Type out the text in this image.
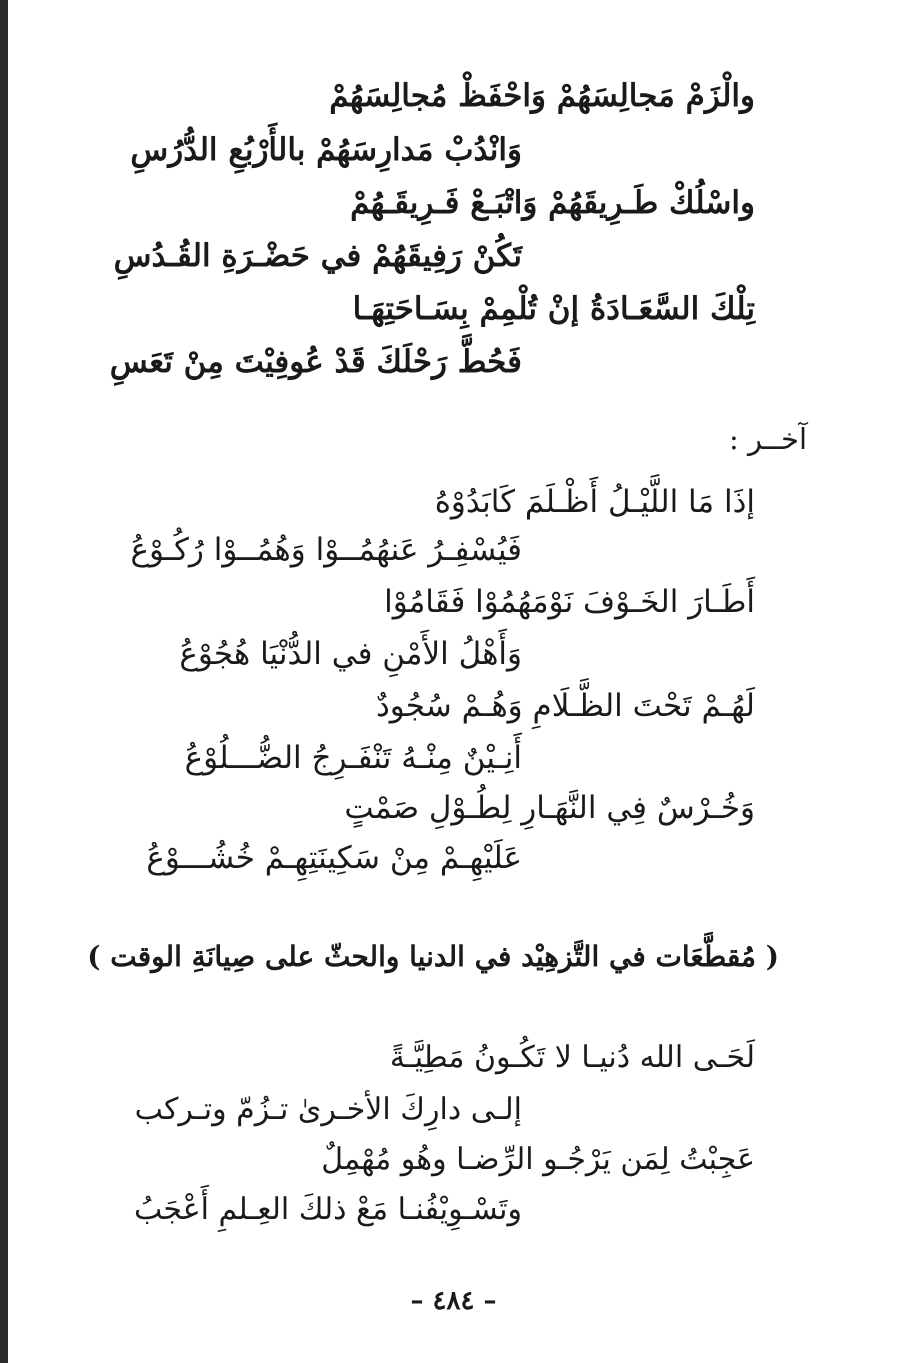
والْزَمْ مَجالِسَهُمْ وَاحْفَظْ مُجالِسَهُمْ
وَانْدُبْ مَدارِسَهُمْ بالأَرْبُعِ الدُّرُسِ
واسْلُكْ طَـرِيقَهُمْ وَاتْبَـعْ فَـرِيقَـهُمْ
تَكُنْ رَفِيقَهُمْ في حَضْـرَةِ القُـدُسِ
تِلْكَ السَّعَـادَةُ إنْ تُلْمِمْ بِسَـاحَتِهَـا
فَحُطَّ رَحْلَكَ قَدْ عُوفِيْتَ مِنْ تَعَسِ
آخــر :
إذَا مَا اللَّيْـلُ أَظْـلَمَ كَابَدُوْهُ
فَيُسْفِـرُ عَنهُمُــوْا وَهُمُــوْا رُكُـوْعُ
أَطَـارَ الخَـوْفَ نَوْمَهُمُوْا فَقَامُوْا
وَأَهْلُ الأَمْنِ في الدُّنْيَا هُجُوْعُ
لَهُـمْ تَحْتَ الظَّـلَامِ وَهُـمْ سُجُودٌ
أَنِـيْنٌ مِنْـهُ تَنْفَـرِجُ الضُّـــلُوْعُ
وَخُـرْسٌ فِي النَّهَـارِ لِطُـوْلِ صَمْتٍ
عَلَيْهِـمْ مِنْ سَكِينَتِهِـمْ خُشُـــوْعُ
( مُقطَّعَات في التَّزهِيْد في الدنيا والحثّ على صِيانَةِ الوقت )
لَحَـى الله دُنيـا لا تَكُـونُ مَطِيَّـةً
إلـى دارِكَ الأخـرىٰ تـزُمّ وتـركب
عَجِبْتُ لِمَن يَرْجُـو الرِّضـا وهُو مُهْمِلٌ
وتَسْـوِيْفُنـا مَعْ ذلكَ العِـلمِ أَعْجَبُ
– ٤٨٤ –
